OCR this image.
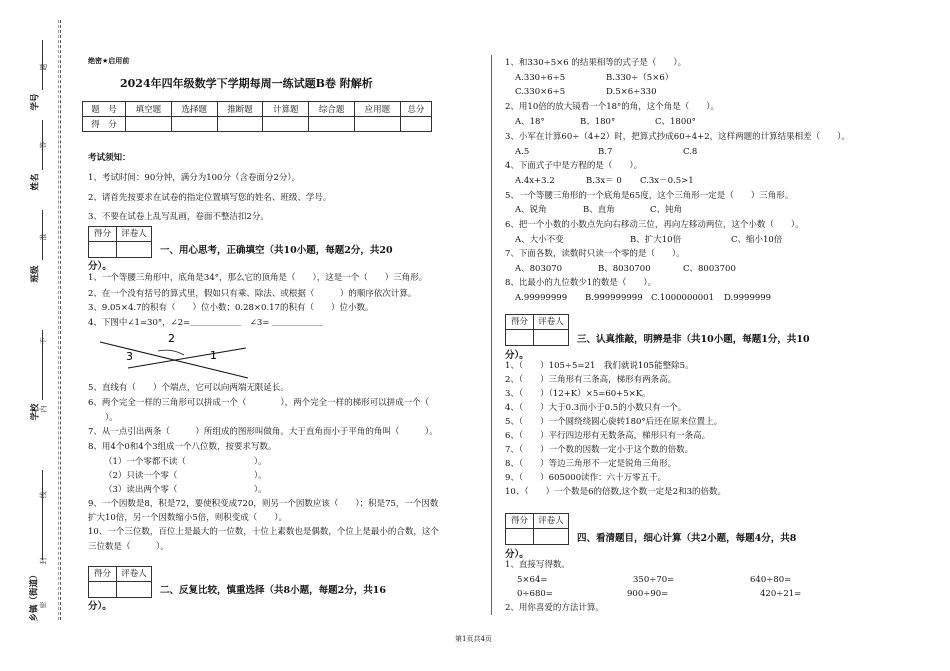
学号
姓名
班级
学校
乡镇（街道）
题
答
准
不
内
线
封
密
绝密★启用前
2024年四年级数学下学期每周一练试题B卷 附解析
题　号	填空题	选择题	推断题	计算题	综合题	应用题	总分
得　分							
考试须知：
1、考试时间：90分钟，满分为100分（含卷面分2分）。
2、请首先按要求在试卷的指定位置填写您的姓名、班级、学号。
3、不要在试卷上乱写乱画，卷面不整洁扣2分。
得分	评卷人
一、用心思考，正确填空（共10小题，每题2分，共20
分）。
1、一个等腰三角形中，底角是34°，那么它的顶角是（　　），这是一个（　　）三角形。
2、在一个没有括号的算式里，假如只有乘、除法、或根据（　　　）的顺序依次计算。
3、9.05×4.7的积有（　　）位小数；0.28×0.17的积有（　　）位小数。
4、下图中∠1=30°，∠2=＿＿＿＿＿＿　∠3= ＿＿＿＿＿＿
2
3	1
5、直线有（　　）个端点，它可以向两端无限延长。
6、两个完全一样的三角形可以拼成一个（　　　　），两个完全一样的梯形可以拼成一个（
　　）。
7、从一点引出两条（　　　）所组成的图形叫做角。大于直角而小于平角的角叫（　　　）。
8、用4个0和4个3组成一个八位数，按要求写数。
（1）一个零都不读（　　　　　　　　）。
（2）只读一个零（　　　　　　　　　）。
（3）读出两个零（　　　　　　　　　）。
9、一个因数是8，积是72，要使积变成720，则另一个因数应该（　　）；积是75，一个因数
扩大10倍，另一个因数缩小5倍，则积变成（　　）。
10、一个三位数，百位上是最大的一位数，十位上素数也是偶数，个位上是最小的合数，这个
三位数是（　　　）。
得分	评卷人
二、反复比较，慎重选择（共8小题，每题2分，共16
分）。
1、和330÷5×6 的结果相等的式子是（　　）。
A.330÷6÷5	B.330÷（5×6）
C.330×6÷5	D.5×6÷330
2、用10倍的放大镜看一个18°的角，这个角是（　　）。
A、18°	B、180°	C、1800°
3、小军在计算60÷（4+2）时，把算式抄成60÷4+2，这样两题的计算结果相差（　　）。
A.5	B.7	C.8
4、下面式子中是方程的是（　　）。
A.4x+3.2	B.3x＝ 0 C.3x－0.5>1
5、一个等腰三角形的一个底角是65度，这个三角形一定是（　　）三角形。
A、锐角	B、直角	C、钝角
6、把一个小数的小数点先向右移动三位，再向左移动两位，这个小数（　　）。
A、大小不变	B、扩大10倍	C、缩小10倍
7、下面各数，读数时只读一个零的是（　　）。
A、803070	B、8030700	C、8003700
8、比最小的九位数少1的数是（　　）。
A.99999999 B.999999999 C.1000000001 D.9999999
得分	评卷人
三、认真推敲，明辨是非（共10小题，每题1分，共10
分）。
1、（　　）105÷5=21　我们就说105能整除5。
2、（　　）三角形有三条高，梯形有两条高。
3、（　　）（12+K）×5=60+5×K。
4、（　　）大于0.3而小于0.5的小数只有一个。
5、（　　）一个圆绕绕圆心旋转180°后还在原来位置上。
6、（　　）平行四边形有无数条高，梯形只有一条高。
7、（　　）一个数的因数一定小于这个数的倍数。
8、（　　）等边三角形不一定是锐角三角形。
9、（　　）605000读作：六十万零五千。
10、（　　）一个数是6的倍数,这个数一定是2和3的倍数。
得分	评卷人
四、看清题目，细心计算（共2小题，每题4分，共8
分）。
1、直接写得数。
5×64=	350÷70=	640÷80=
0÷680=	900÷90=	420÷21=
2、用你喜爱的方法计算。
第1页共4页
